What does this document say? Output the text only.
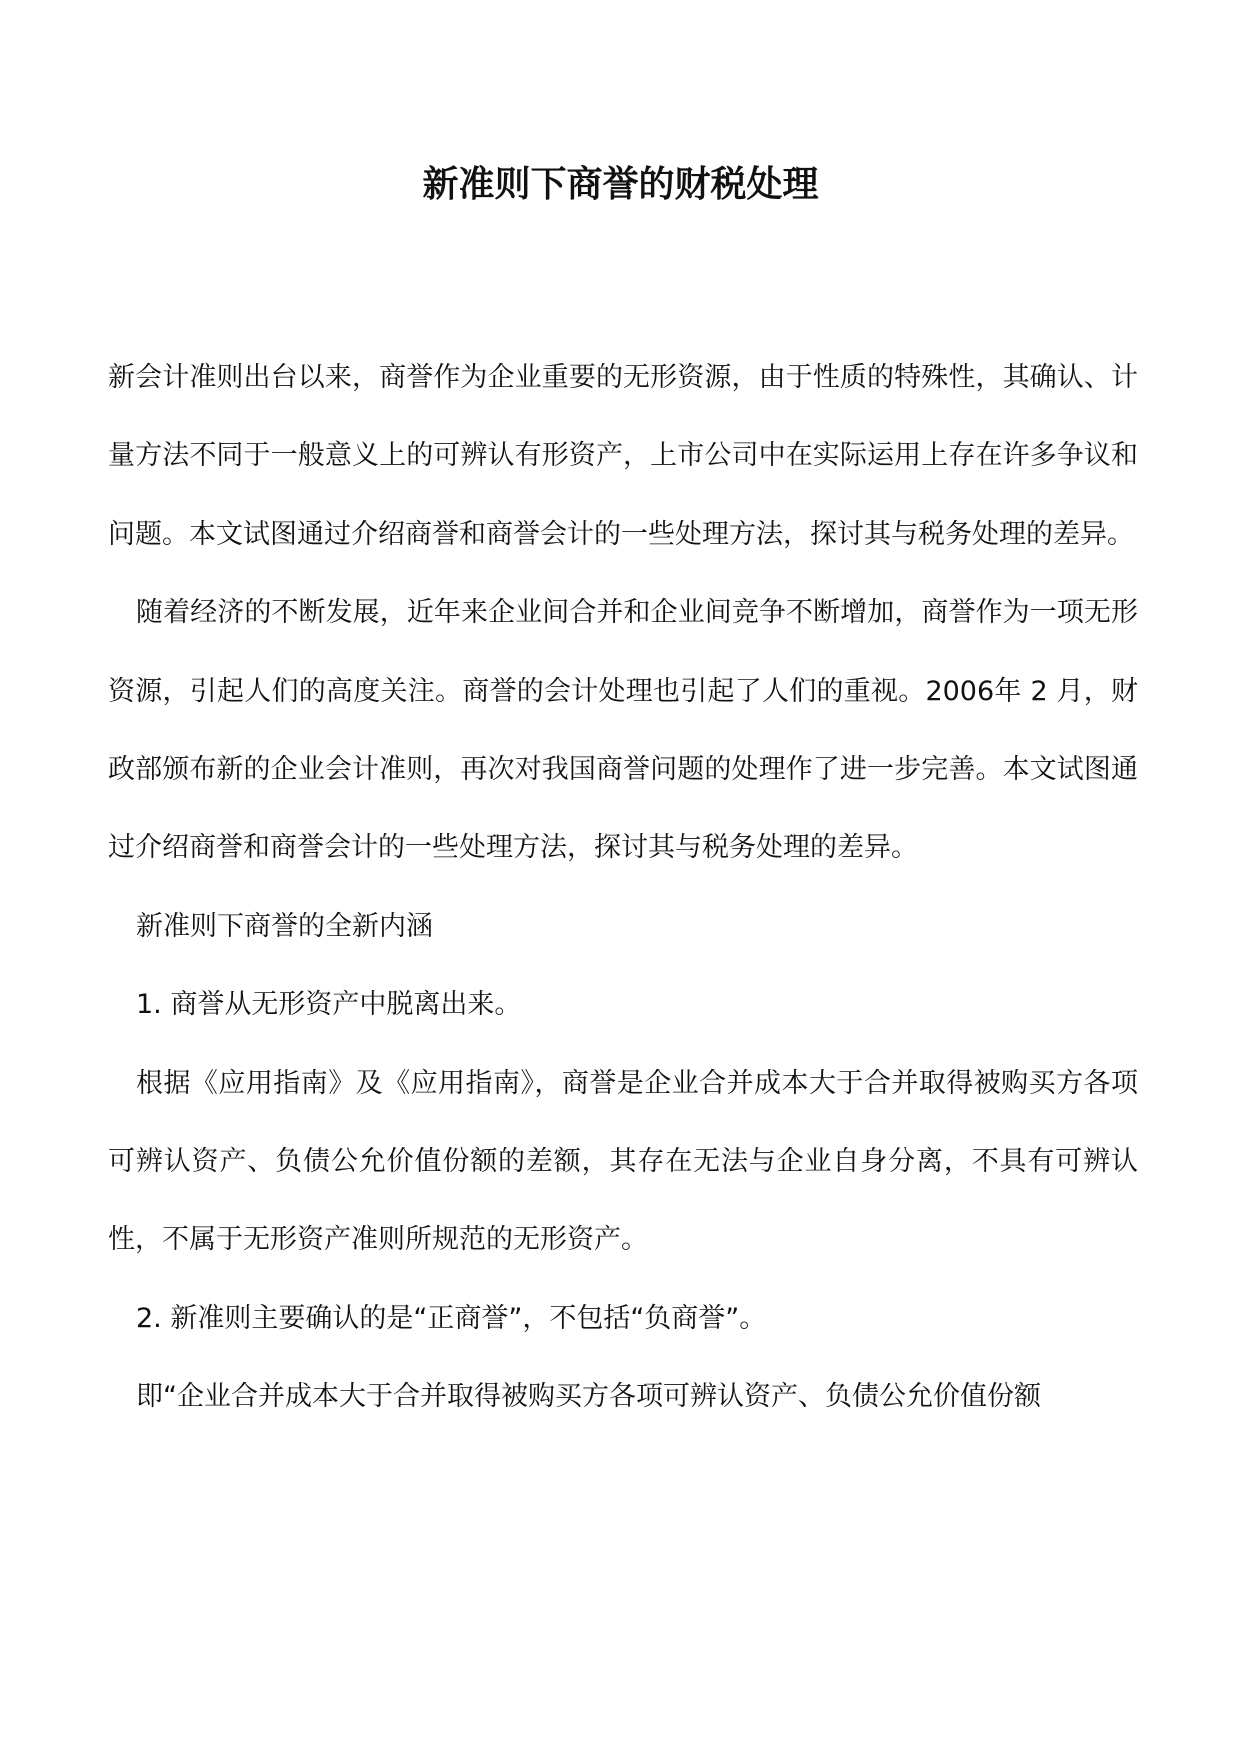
新准则下商誉的财税处理

新会计准则出台以来，商誉作为企业重要的无形资源，由于性质的特殊性，其确认、计量方法不同于一般意义上的可辨认有形资产，上市公司中在实际运用上存在许多争议和问题。本文试图通过介绍商誉和商誉会计的一些处理方法，探讨其与税务处理的差异。

随着经济的不断发展，近年来企业间合并和企业间竞争不断增加，商誉作为一项无形资源，引起人们的高度关注。商誉的会计处理也引起了人们的重视。2006年 2 月，财政部颁布新的企业会计准则，再次对我国商誉问题的处理作了进一步完善。本文试图通过介绍商誉和商誉会计的一些处理方法，探讨其与税务处理的差异。

新准则下商誉的全新内涵

1. 商誉从无形资产中脱离出来。

根据《应用指南》及《应用指南》，商誉是企业合并成本大于合并取得被购买方各项可辨认资产、负债公允价值份额的差额，其存在无法与企业自身分离，不具有可辨认性，不属于无形资产准则所规范的无形资产。

2. 新准则主要确认的是“正商誉”，不包括“负商誉”。

即“企业合并成本大于合并取得被购买方各项可辨认资产、负债公允价值份额
